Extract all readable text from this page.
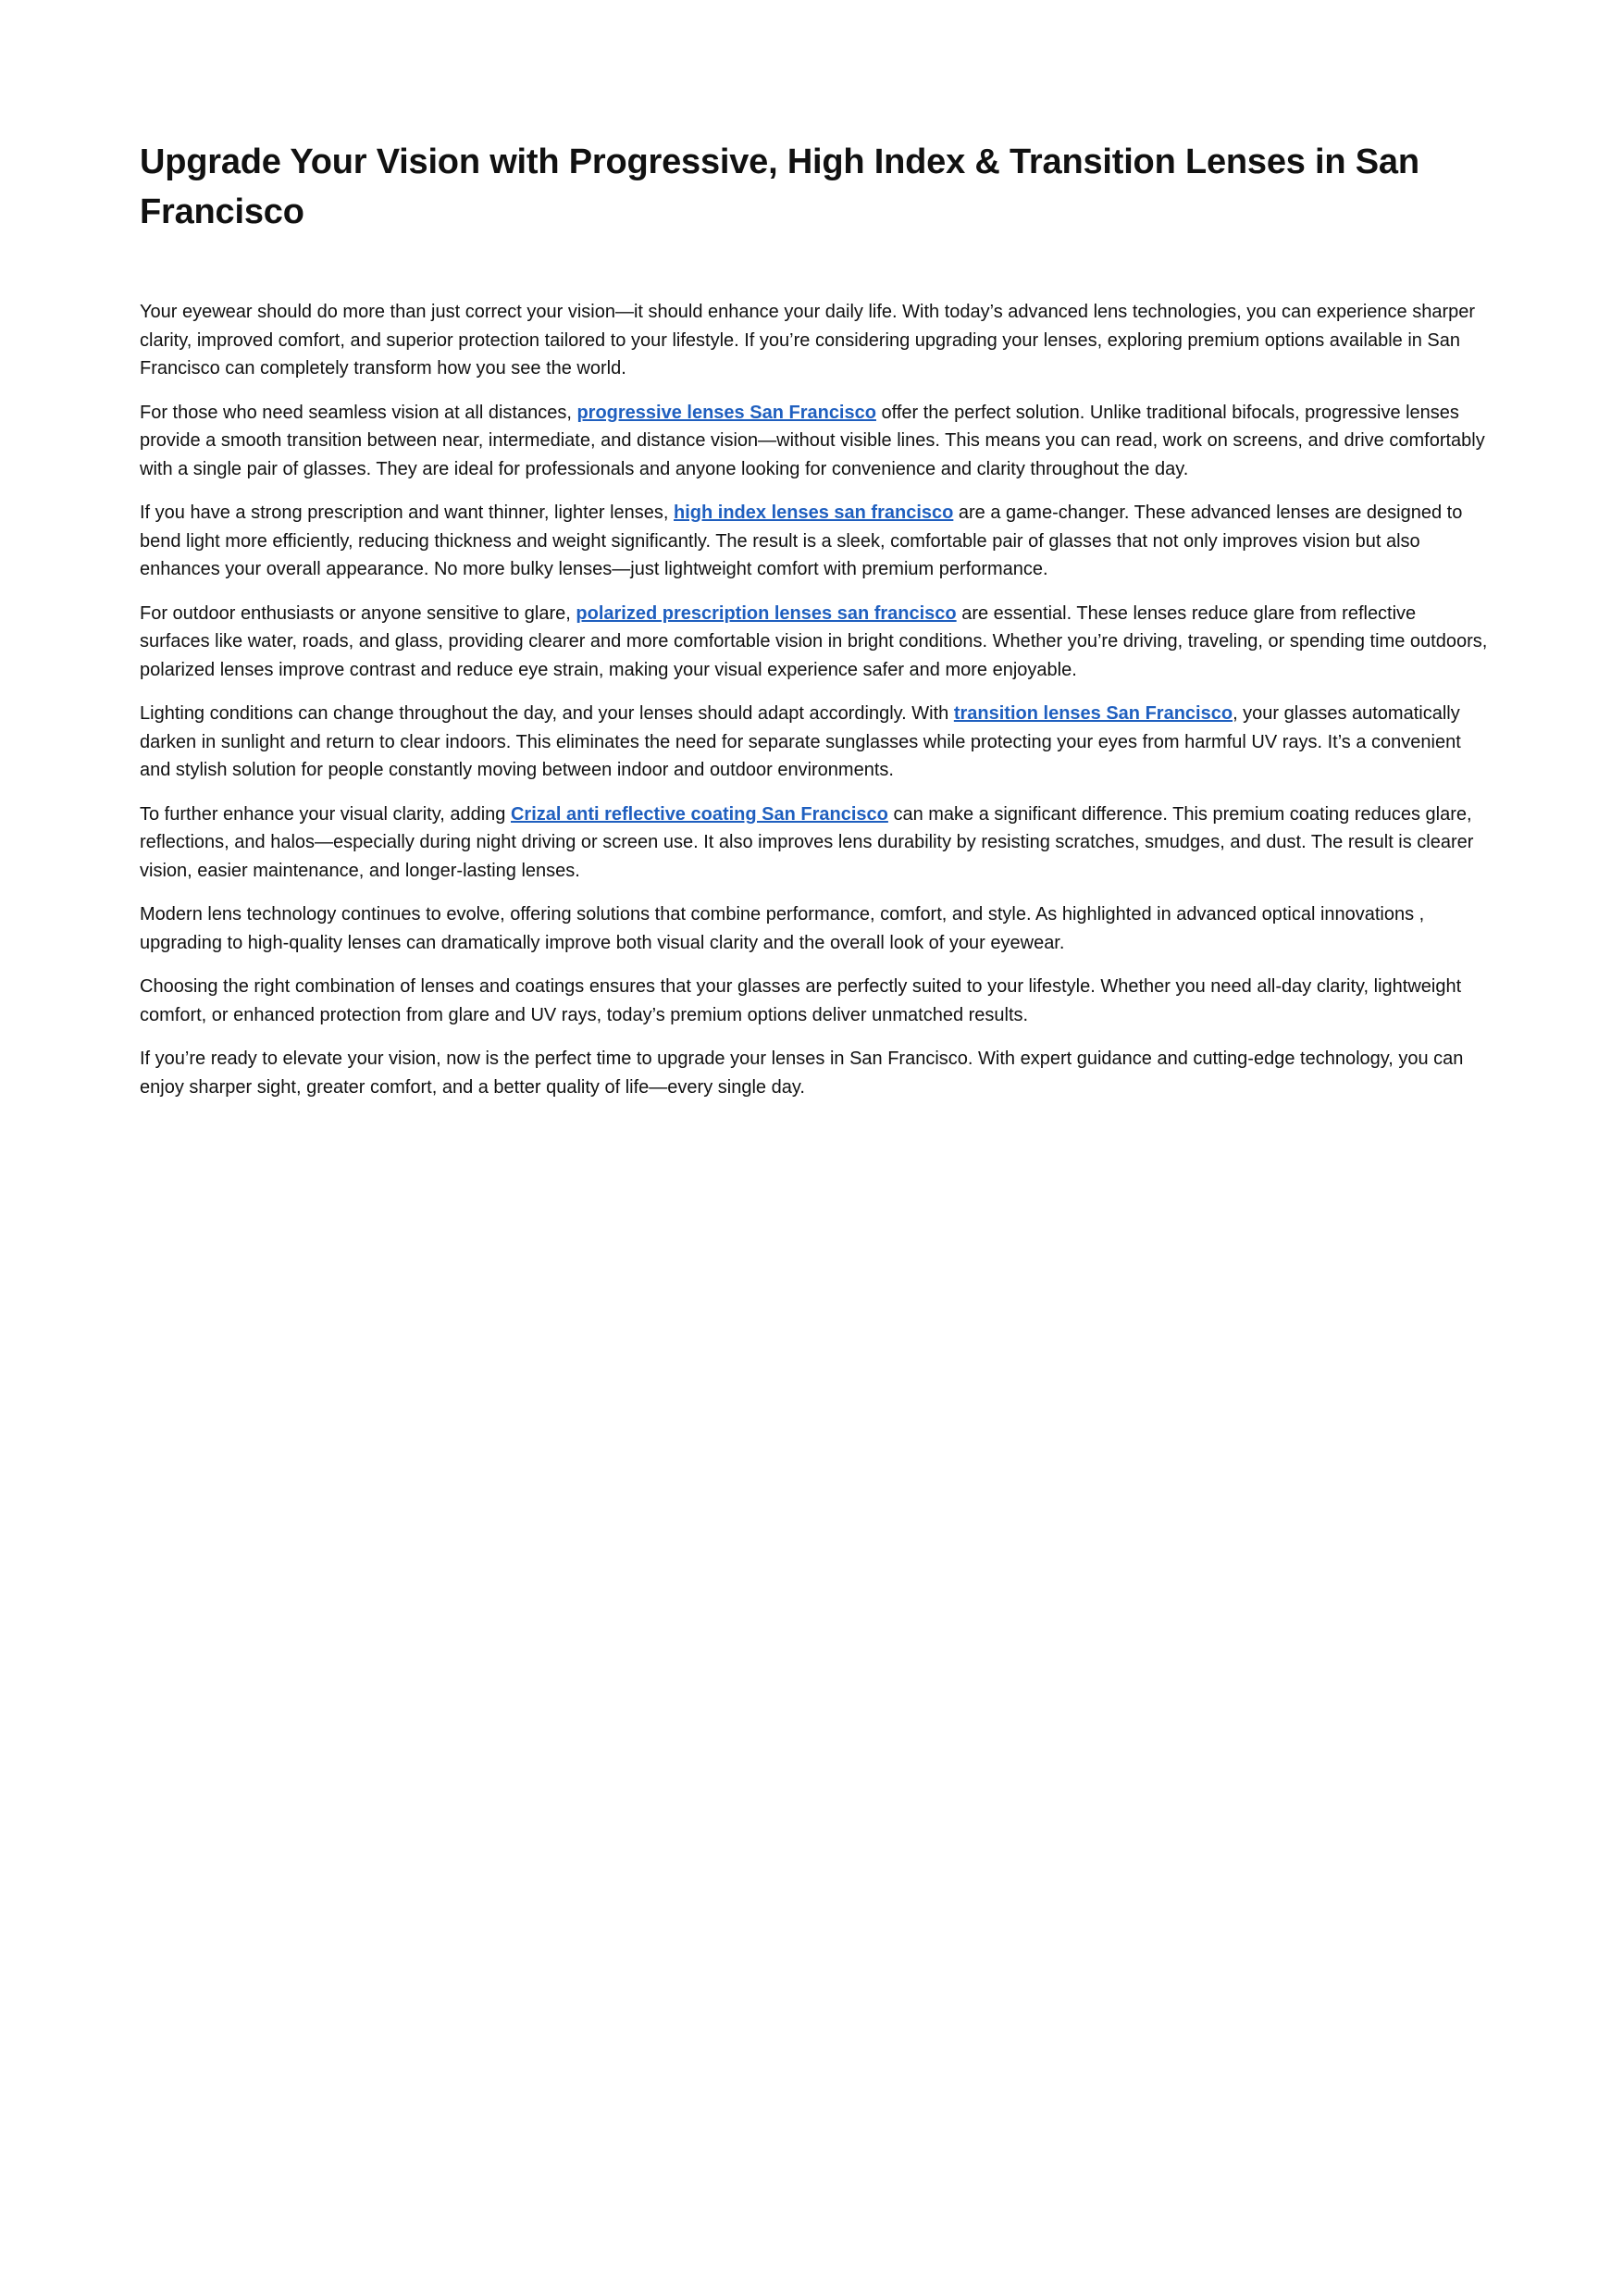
Upgrade Your Vision with Progressive, High Index & Transition Lenses in San Francisco

Your eyewear should do more than just correct your vision—it should enhance your daily life. With today’s advanced lens technologies, you can experience sharper clarity, improved comfort, and superior protection tailored to your lifestyle. If you’re considering upgrading your lenses, exploring premium options available in San Francisco can completely transform how you see the world.

For those who need seamless vision at all distances, progressive lenses San Francisco offer the perfect solution. Unlike traditional bifocals, progressive lenses provide a smooth transition between near, intermediate, and distance vision—without visible lines. This means you can read, work on screens, and drive comfortably with a single pair of glasses. They are ideal for professionals and anyone looking for convenience and clarity throughout the day.

If you have a strong prescription and want thinner, lighter lenses, high index lenses san francisco are a game-changer. These advanced lenses are designed to bend light more efficiently, reducing thickness and weight significantly. The result is a sleek, comfortable pair of glasses that not only improves vision but also enhances your overall appearance. No more bulky lenses—just lightweight comfort with premium performance.

For outdoor enthusiasts or anyone sensitive to glare, polarized prescription lenses san francisco are essential. These lenses reduce glare from reflective surfaces like water, roads, and glass, providing clearer and more comfortable vision in bright conditions. Whether you’re driving, traveling, or spending time outdoors, polarized lenses improve contrast and reduce eye strain, making your visual experience safer and more enjoyable.

Lighting conditions can change throughout the day, and your lenses should adapt accordingly. With transition lenses San Francisco, your glasses automatically darken in sunlight and return to clear indoors. This eliminates the need for separate sunglasses while protecting your eyes from harmful UV rays. It’s a convenient and stylish solution for people constantly moving between indoor and outdoor environments.

To further enhance your visual clarity, adding Crizal anti reflective coating San Francisco can make a significant difference. This premium coating reduces glare, reflections, and halos—especially during night driving or screen use. It also improves lens durability by resisting scratches, smudges, and dust. The result is clearer vision, easier maintenance, and longer-lasting lenses.

Modern lens technology continues to evolve, offering solutions that combine performance, comfort, and style. As highlighted in advanced optical innovations , upgrading to high-quality lenses can dramatically improve both visual clarity and the overall look of your eyewear.

Choosing the right combination of lenses and coatings ensures that your glasses are perfectly suited to your lifestyle. Whether you need all-day clarity, lightweight comfort, or enhanced protection from glare and UV rays, today’s premium options deliver unmatched results.

If you’re ready to elevate your vision, now is the perfect time to upgrade your lenses in San Francisco. With expert guidance and cutting-edge technology, you can enjoy sharper sight, greater comfort, and a better quality of life—every single day.
